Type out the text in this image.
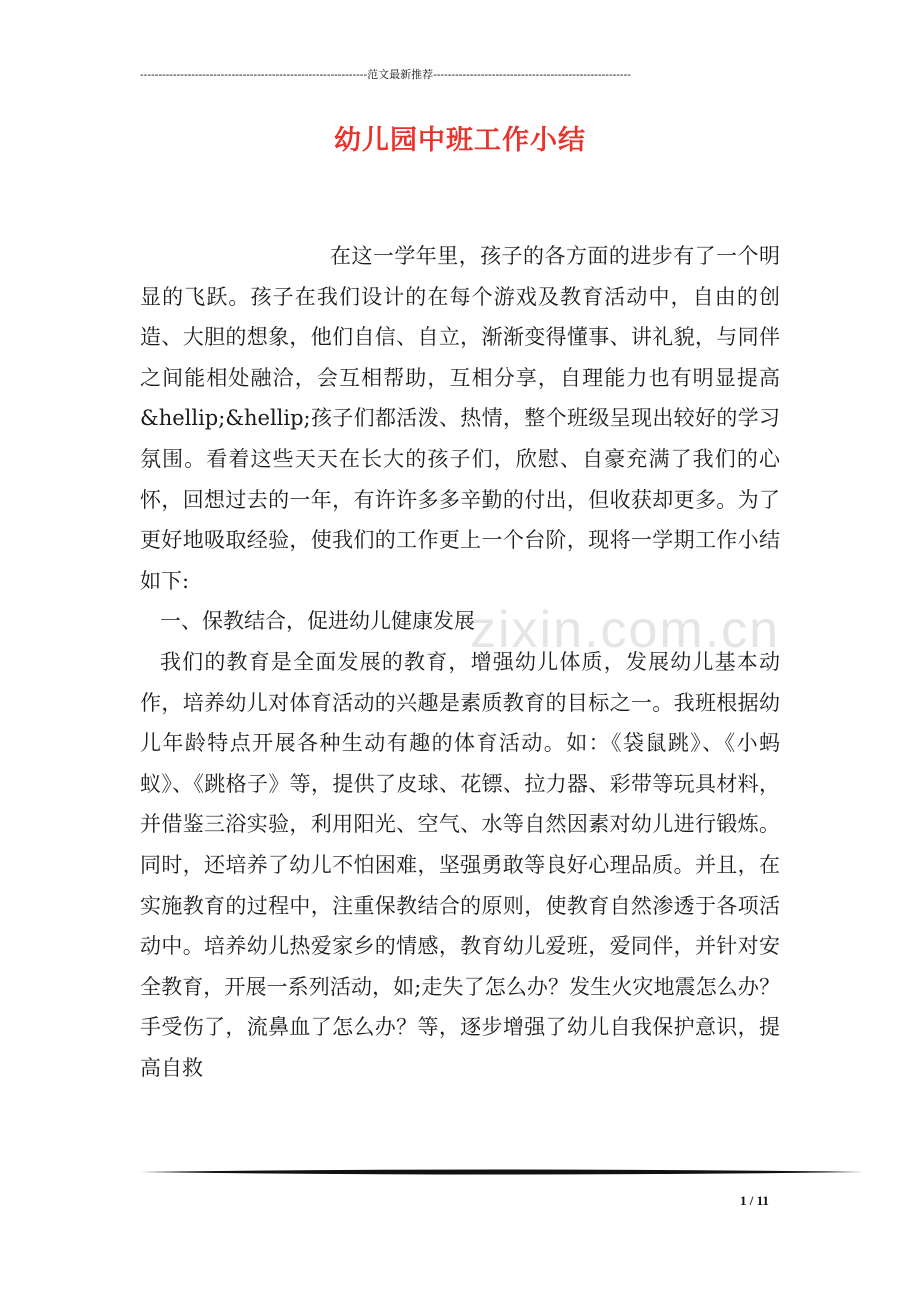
--------------------------------------------------------------范文最新推荐------------------------------------------------------
幼儿园中班工作小结

在这一学年里，孩子的各方面的进步有了一个明显的飞跃。孩子在我们设计的在每个游戏及教育活动中，自由的创造、大胆的想象，他们自信、自立，渐渐变得懂事、讲礼貌，与同伴之间能相处融洽，会互相帮助，互相分享，自理能力也有明显提高&hellip;&hellip;孩子们都活泼、热情，整个班级呈现出较好的学习氛围。看着这些天天在长大的孩子们，欣慰、自豪充满了我们的心怀，回想过去的一年，有许许多多辛勤的付出，但收获却更多。为了更好地吸取经验，使我们的工作更上一个台阶，现将一学期工作小结如下:

一、保教结合，促进幼儿健康发展

我们的教育是全面发展的教育，增强幼儿体质，发展幼儿基本动作，培养幼儿对体育活动的兴趣是素质教育的目标之一。我班根据幼儿年龄特点开展各种生动有趣的体育活动。如：《袋鼠跳》、《小蚂蚁》、《跳格子》等，提供了皮球、花镖、拉力器、彩带等玩具材料，并借鉴三浴实验，利用阳光、空气、水等自然因素对幼儿进行锻炼。同时，还培养了幼儿不怕困难，坚强勇敢等良好心理品质。并且，在实施教育的过程中，注重保教结合的原则，使教育自然渗透于各项活动中。培养幼儿热爱家乡的情感，教育幼儿爱班，爱同伴，并针对安全教育，开展一系列活动，如;走失了怎么办？发生火灾地震怎么办？手受伤了，流鼻血了怎么办？等，逐步增强了幼儿自我保护意识，提高自救

zixin.com.cn
1 / 11
